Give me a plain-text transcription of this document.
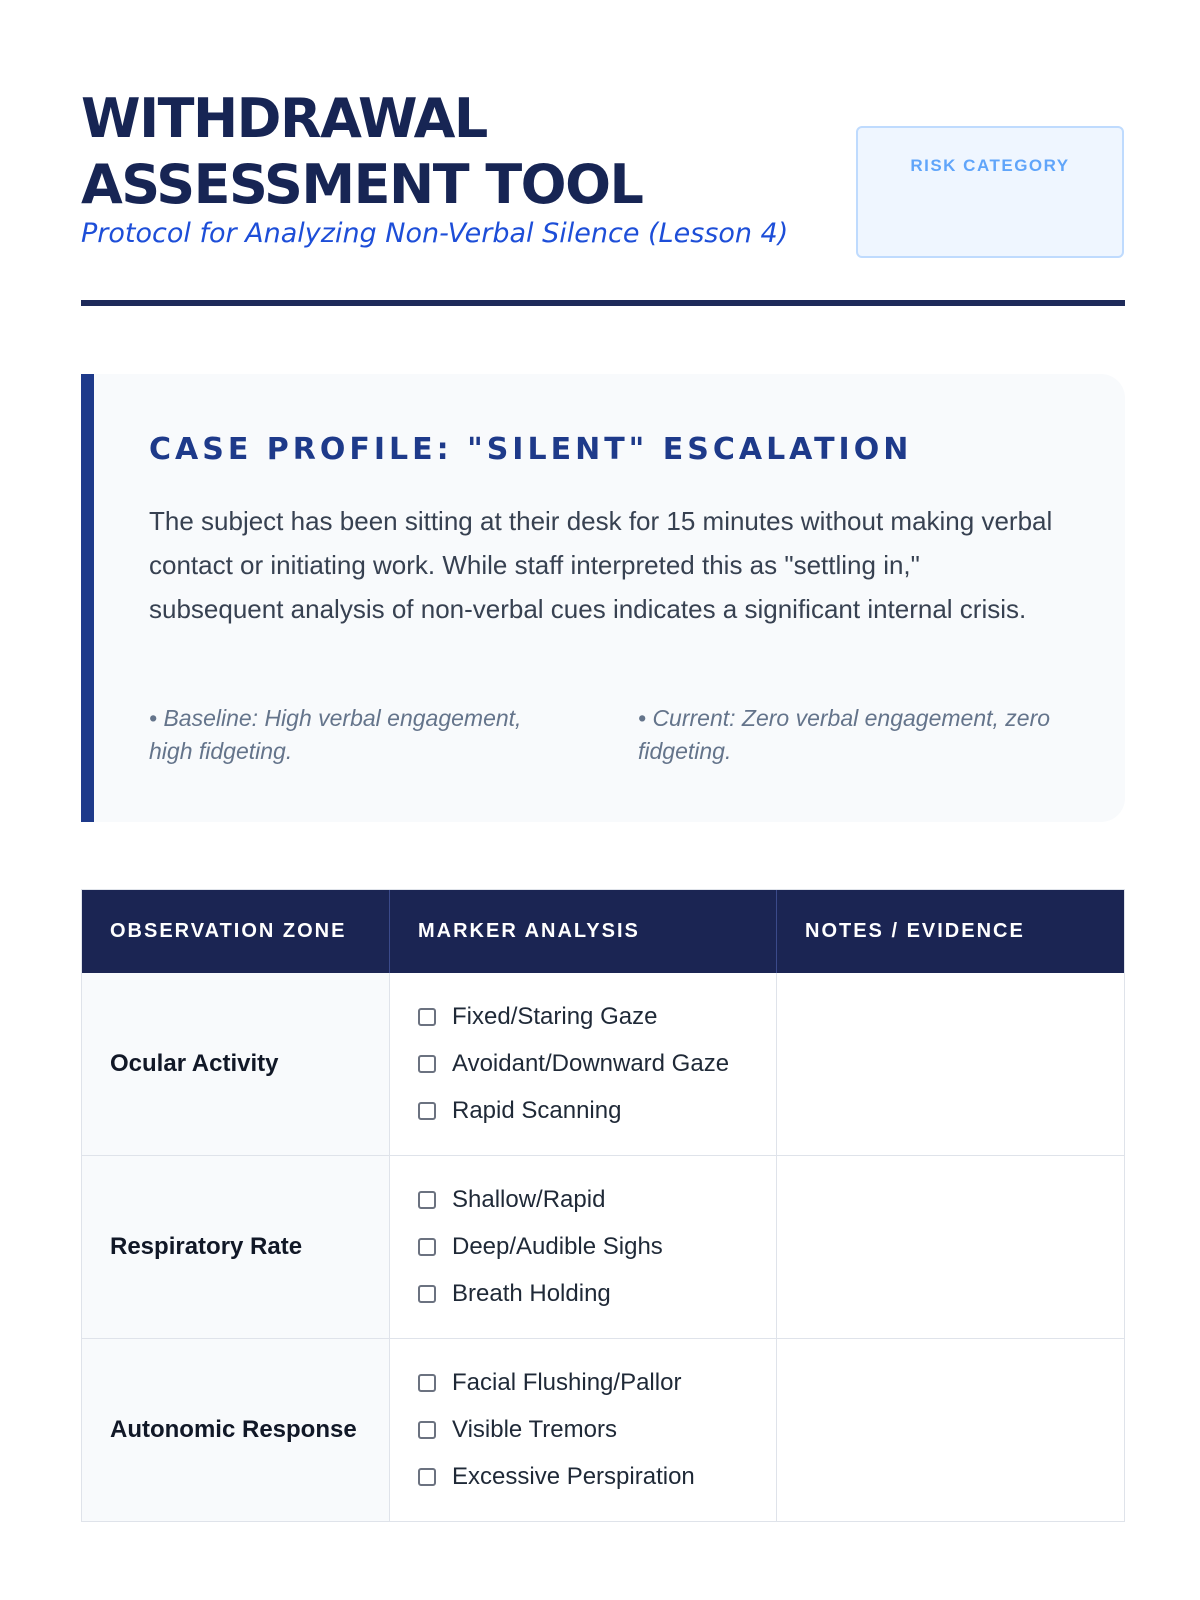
WITHDRAWAL
ASSESSMENT TOOL
Protocol for Analyzing Non-Verbal Silence (Lesson 4)
RISK CATEGORY
CASE PROFILE: "SILENT" ESCALATION
The subject has been sitting at their desk for 15 minutes without making verbal contact or initiating work. While staff interpreted this as "settling in," subsequent analysis of non-verbal cues indicates a significant internal crisis.
• Baseline: High verbal engagement, high fidgeting.
• Current: Zero verbal engagement, zero fidgeting.
OBSERVATION ZONE	MARKER ANALYSIS	NOTES / EVIDENCE
Ocular Activity
Fixed/Staring Gaze
Avoidant/Downward Gaze
Rapid Scanning
Respiratory Rate
Shallow/Rapid
Deep/Audible Sighs
Breath Holding
Autonomic Response
Facial Flushing/Pallor
Visible Tremors
Excessive Perspiration
